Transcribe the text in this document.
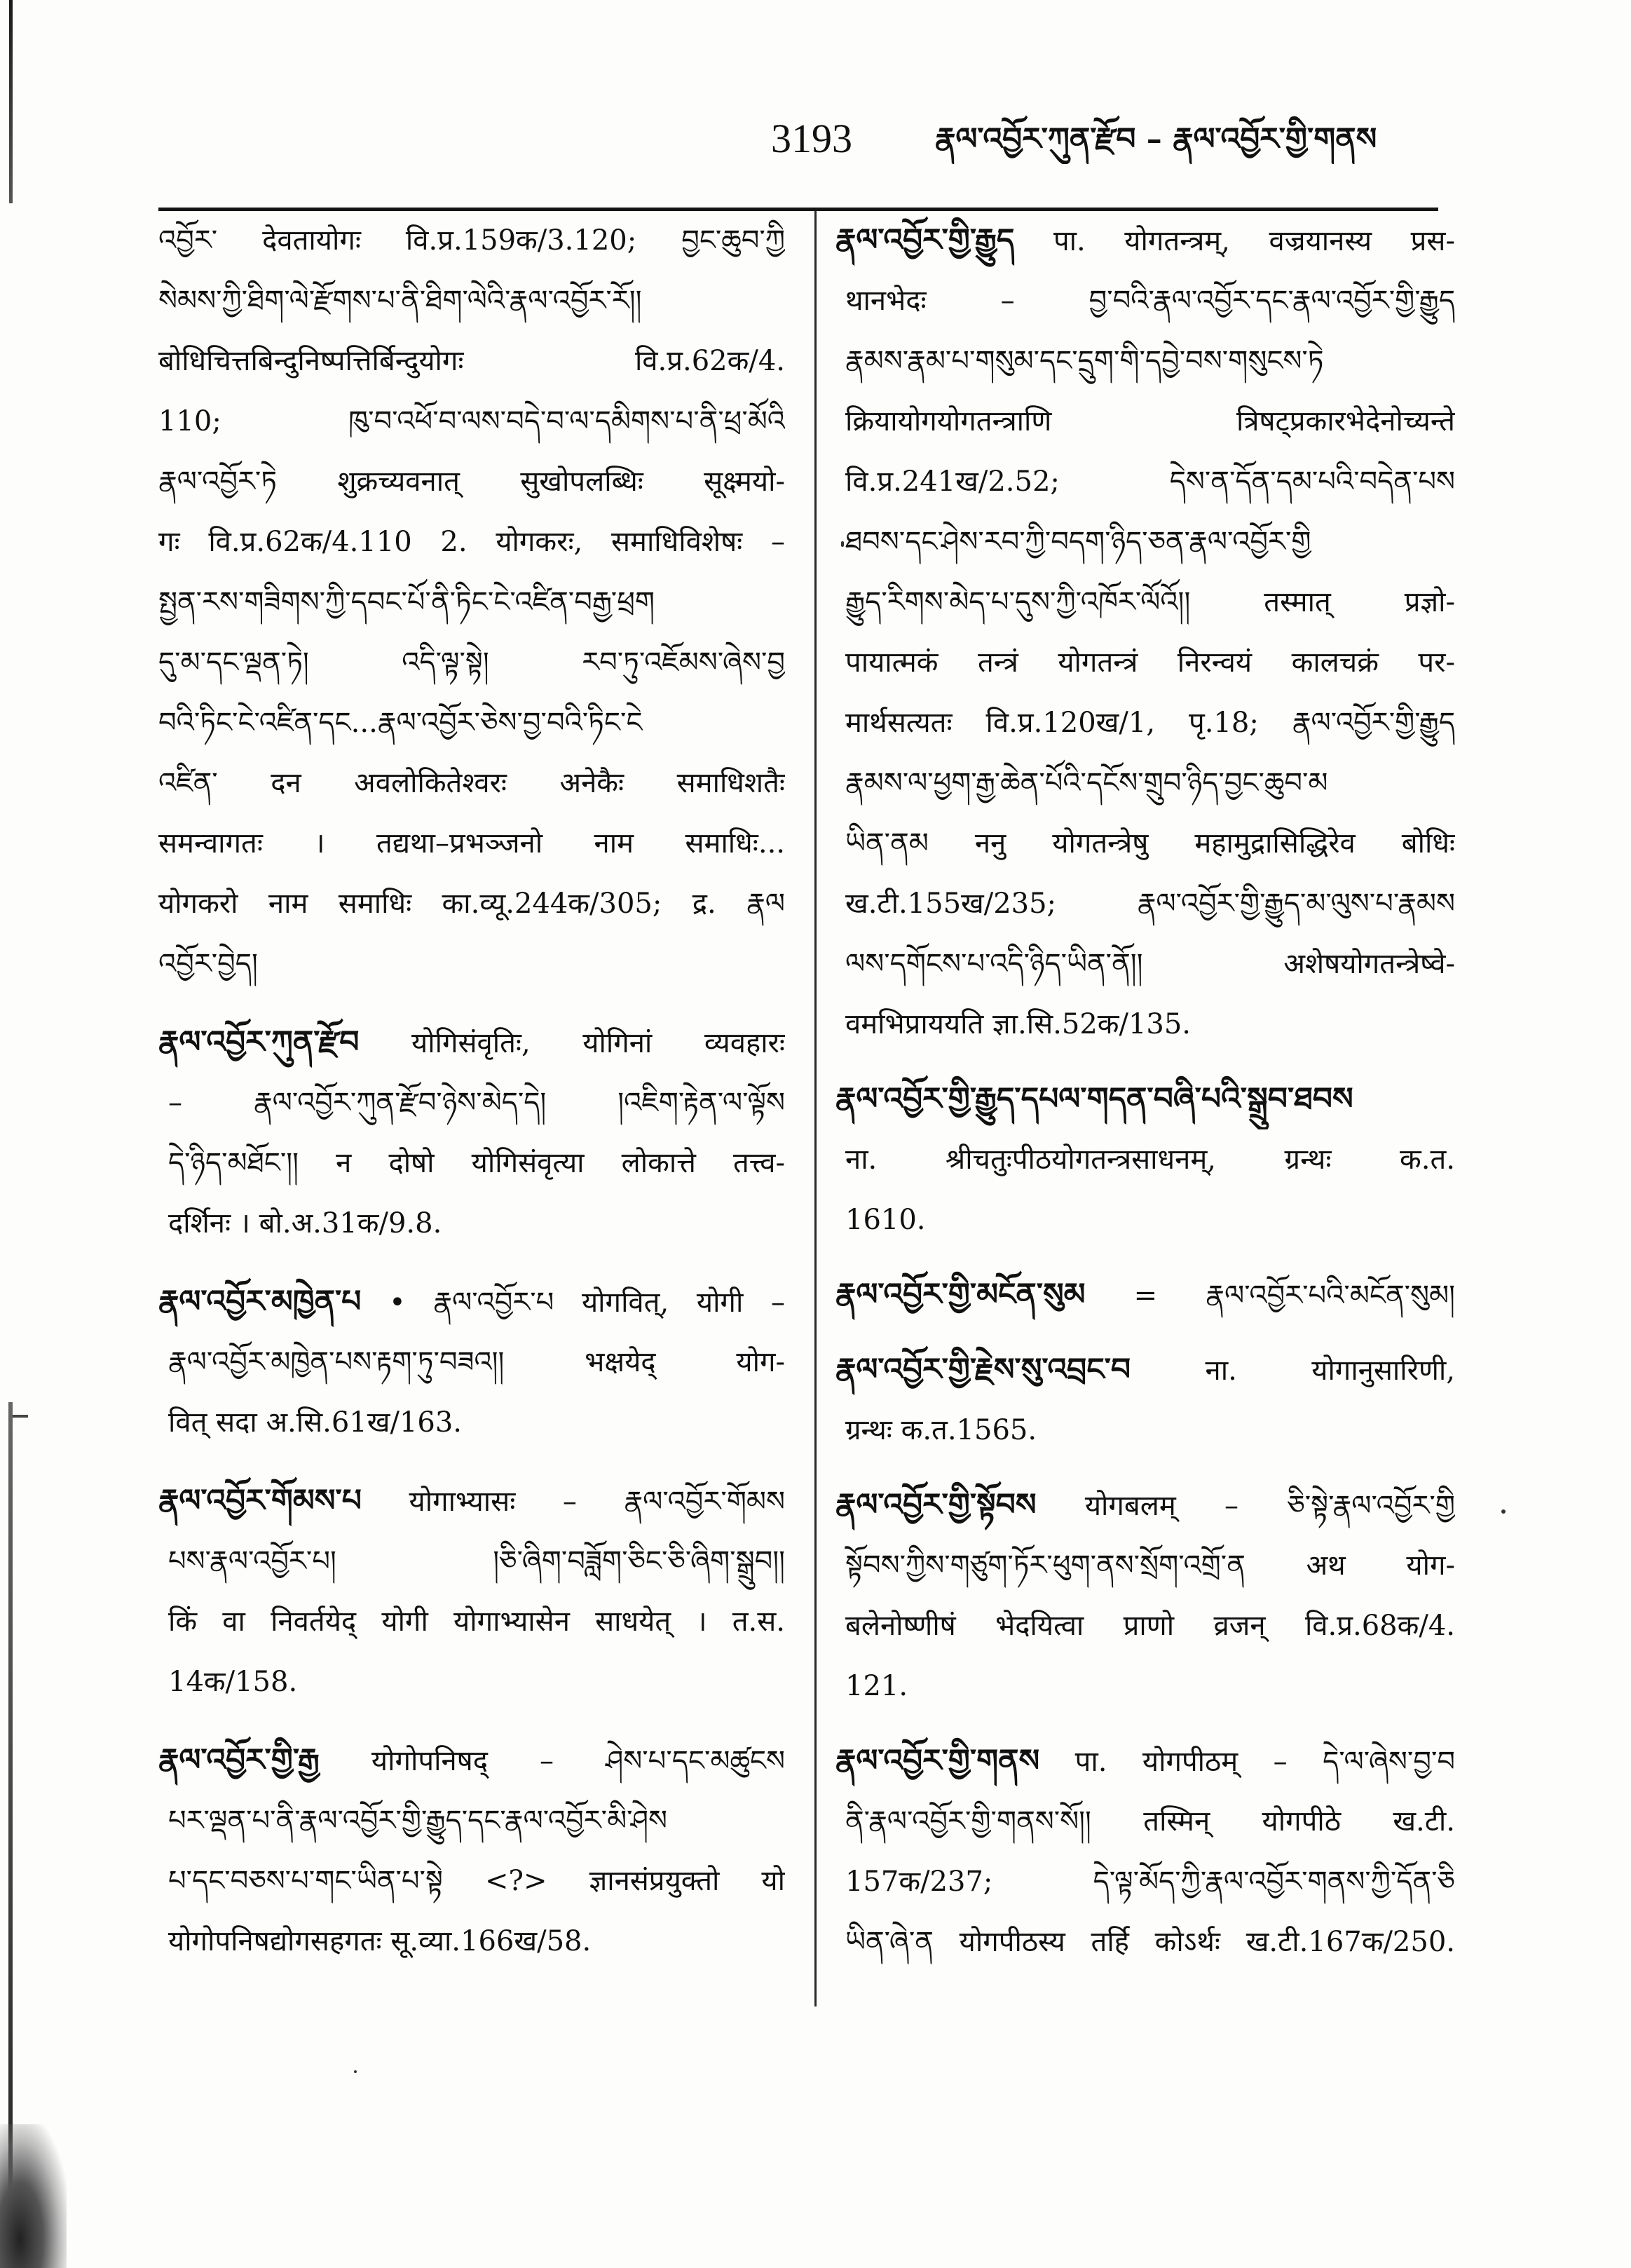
3193	རྣལ་འབྱོར་ཀུན་རྫོབ – རྣལ་འབྱོར་གྱི་གནས
འབྱོར་ देवतायोगः वि.प्र.159क/3.120; བྱང་ཆུབ་ཀྱི
སེམས་ཀྱི་ཐིག་ལེ་རྫོགས་པ་ནི་ཐིག་ལེའི་རྣལ་འབྱོར་རོ།།
बोधिचित्तबिन्दुनिष्पत्तिर्बिन्दुयोगः वि.प्र.62क/4.
110; ཁུ་བ་འཕོ་བ་ལས་བདེ་བ་ལ་དམིགས་པ་ནི་ཕྲ་མོའི
རྣལ་འབྱོར་ཏེ शुक्रच्यवनात् सुखोपलब्धिः सूक्ष्मयो-
गः वि.प्र.62क/4.110 2. योगकरः, समाधिविशेषः –
སྤྱན་རས་གཟིགས་ཀྱི་དབང་པོ་ནི་ཏིང་ངེ་འཛིན་བརྒྱ་ཕྲག
དུ་མ་དང་ལྡན་ཏེ། འདི་ལྟ་སྟེ། རབ་ཏུ་འཇོམས་ཞེས་བྱ
བའི་ཏིང་ངེ་འཛིན་དང...རྣལ་འབྱོར་ཅེས་བྱ་བའི་ཏིང་ངེ
འཛིན་ दन अवलोकितेश्वरः अनेकैः समाधिशतैः
समन्वागतः । तद्यथा–प्रभञ्जनो नाम समाधिः...
योगकरो नाम समाधिः का.व्यू.244क/305; द्र. རྣལ
འབྱོར་བྱེད།
རྣལ་འབྱོར་ཀུན་རྫོབ योगिसंवृतिः, योगिनां व्यवहारः
– རྣལ་འབྱོར་ཀུན་རྫོབ་ཉེས་མེད་དེ། །འཇིག་རྟེན་ལ་ལྟོས
དེ་ཉིད་མཐོང་།། न दोषो योगिसंवृत्या लोकात्ते तत्त्व-
दर्शिनः । बो.अ.31क/9.8.
རྣལ་འབྱོར་མཁྱེན་པ • རྣལ་འབྱོར་པ योगवित्, योगी –
རྣལ་འབྱོར་མཁྱེན་པས་རྟག་ཏུ་བཟའ།། भक्षयेद् योग-
वित् सदा अ.सि.61ख/163.
རྣལ་འབྱོར་གོམས་པ योगाभ्यासः – རྣལ་འབྱོར་གོམས
པས་རྣལ་འབྱོར་པ། །ཅི་ཞིག་བཟློག་ཅིང་ཅི་ཞིག་སྒྲུབ།།
किं वा निवर्तयेद् योगी योगाभ्यासेन साधयेत् । त.स.
14क/158.
རྣལ་འབྱོར་གྱི་རྒྱ योगोपनिषद् – ཤེས་པ་དང་མཚུངས
པར་ལྡན་པ་ནི་རྣལ་འབྱོར་གྱི་རྒྱུད་དང་རྣལ་འབྱོར་མི་ཤེས
པ་དང་བཅས་པ་གང་ཡིན་པ་སྟེ <?> ज्ञानसंप्रयुक्तो यो
योगोपनिषद्योगसहगतः सू.व्या.166ख/58.
རྣལ་འབྱོར་གྱི་རྒྱུད पा. योगतन्त्रम्, वज्रयानस्य प्रस-
थानभेदः – བྱ་བའི་རྣལ་འབྱོར་དང་རྣལ་འབྱོར་གྱི་རྒྱུད
རྣམས་རྣམ་པ་གསུམ་དང་དྲུག་གི་དབྱེ་བས་གསུངས་ཏེ
क्रियायोगयोगतन्त्राणि त्रिषट्प्रकारभेदेनोच्यन्ते
वि.प्र.241ख/2.52; དེས་ན་དོན་དམ་པའི་བདེན་པས
ཐབས་དང་ཤེས་རབ་ཀྱི་བདག་ཉིད་ཅན་རྣལ་འབྱོར་གྱི
རྒྱུད་རིགས་མེད་པ་དུས་ཀྱི་འཁོར་ལོའོ།། तस्मात् प्रज्ञो-
पायात्मकं तन्त्रं योगतन्त्रं निरन्वयं कालचक्रं पर-
मार्थसत्यतः वि.प्र.120ख/1, पृ.18; རྣལ་འབྱོར་གྱི་རྒྱུད
རྣམས་ལ་ཕྱག་རྒྱ་ཆེན་པོའི་དངོས་གྲུབ་ཉིད་བྱང་ཆུབ་མ
ཡིན་ནམ ननु योगतन्त्रेषु महामुद्रासिद्धिरेव बोधिः
ख.टी.155ख/235; རྣལ་འབྱོར་གྱི་རྒྱུད་མ་ལུས་པ་རྣམས
ལས་དགོངས་པ་འདི་ཉིད་ཡིན་ནོ།། अशेषयोगतन्त्रेष्वे-
वमभिप्राययति ज्ञा.सि.52क/135.
རྣལ་འབྱོར་གྱི་རྒྱུད་དཔལ་གདན་བཞི་པའི་སྒྲུབ་ཐབས
ना. श्रीचतुःपीठयोगतन्त्रसाधनम्, ग्रन्थः क.त.
1610.
རྣལ་འབྱོར་གྱི་མངོན་སུམ = རྣལ་འབྱོར་པའི་མངོན་སུམ།
རྣལ་འབྱོར་གྱི་རྗེས་སུ་འབྲང་བ	ना. योगानुसारिणी,
ग्रन्थः क.त.1565.
རྣལ་འབྱོར་གྱི་སྟོབས योगबलम् – ཅི་སྟེ་རྣལ་འབྱོར་གྱི
སྟོབས་ཀྱིས་གཙུག་ཏོར་ཕུག་ནས་སྲོག་འགྲོ་ན अथ योग-
बलेनोष्णीषं भेदयित्वा प्राणो व्रजन् वि.प्र.68क/4.
121.
རྣལ་འབྱོར་གྱི་གནས पा. योगपीठम् – དེ་ལ་ཞེས་བྱ་བ
ནི་རྣལ་འབྱོར་གྱི་གནས་སོ།། तस्मिन् योगपीठे ख.टी.
157क/237; དེ་ལྟ་མོད་ཀྱི་རྣལ་འབྱོར་གནས་ཀྱི་དོན་ཅི
ཡིན་ཞེ་ན योगपीठस्य तर्हि कोऽर्थः ख.टी.167क/250.
